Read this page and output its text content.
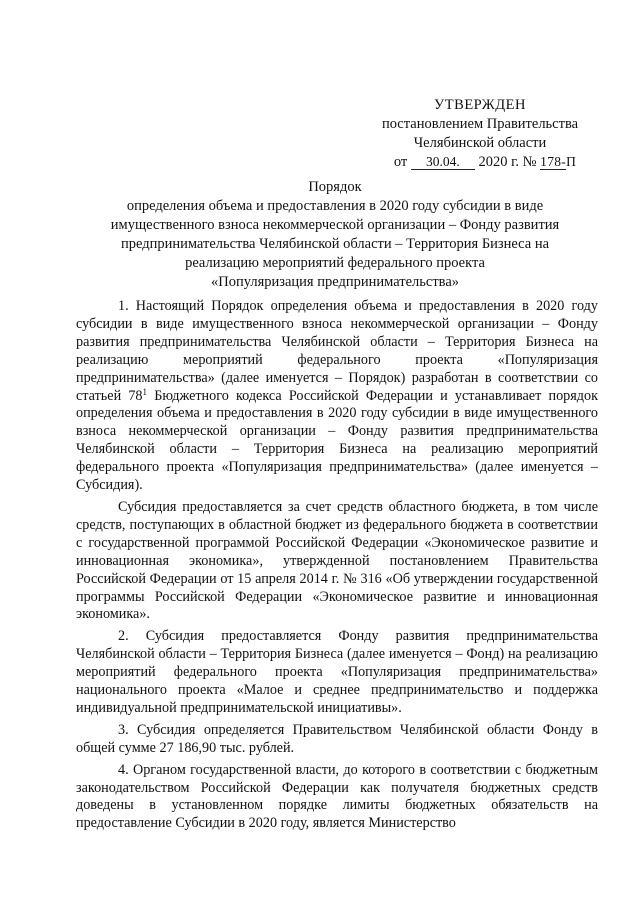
УТВЕРЖДЕН
постановлением Правительства
Челябинской области
от 30.04. 2020 г. № 178-П
Порядок
определения объема и предоставления в 2020 году субсидии в виде
имущественного взноса некоммерческой организации – Фонду развития
предпринимательства Челябинской области – Территория Бизнеса на
реализацию мероприятий федерального проекта
«Популяризация предпринимательства»

1. Настоящий Порядок определения объема и предоставления в 2020 году субсидии в виде имущественного взноса некоммерческой организации – Фонду развития предпринимательства Челябинской области – Территория Бизнеса на реализацию мероприятий федерального проекта «Популяризация предпринимательства» (далее именуется – Порядок) разработан в соответствии со статьей $78^1$ Бюджетного кодекса Российской Федерации и устанавливает порядок определения объема и предоставления в 2020 году субсидии в виде имущественного взноса некоммерческой организации – Фонду развития предпринимательства Челябинской области – Территория Бизнеса на реализацию мероприятий федерального проекта «Популяризация предпринимательства» (далее именуется – Субсидия).

Субсидия предоставляется за счет средств областного бюджета, в том числе средств, поступающих в областной бюджет из федерального бюджета в соответствии с государственной программой Российской Федерации «Экономическое развитие и инновационная экономика», утвержденной постановлением Правительства Российской Федерации от 15 апреля 2014 г. № 316 «Об утверждении государственной программы Российской Федерации «Экономическое развитие и инновационная экономика».

2. Субсидия предоставляется Фонду развития предпринимательства Челябинской области – Территория Бизнеса (далее именуется – Фонд) на реализацию мероприятий федерального проекта «Популяризация предпринимательства» национального проекта «Малое и среднее предпринимательство и поддержка индивидуальной предпринимательской инициативы».

3. Субсидия определяется Правительством Челябинской области Фонду в общей сумме 27 186,90 тыс. рублей.

4. Органом государственной власти, до которого в соответствии с бюджетным законодательством Российской Федерации как получателя бюджетных средств доведены в установленном порядке лимиты бюджетных обязательств на предоставление Субсидии в 2020 году, является Министерство
